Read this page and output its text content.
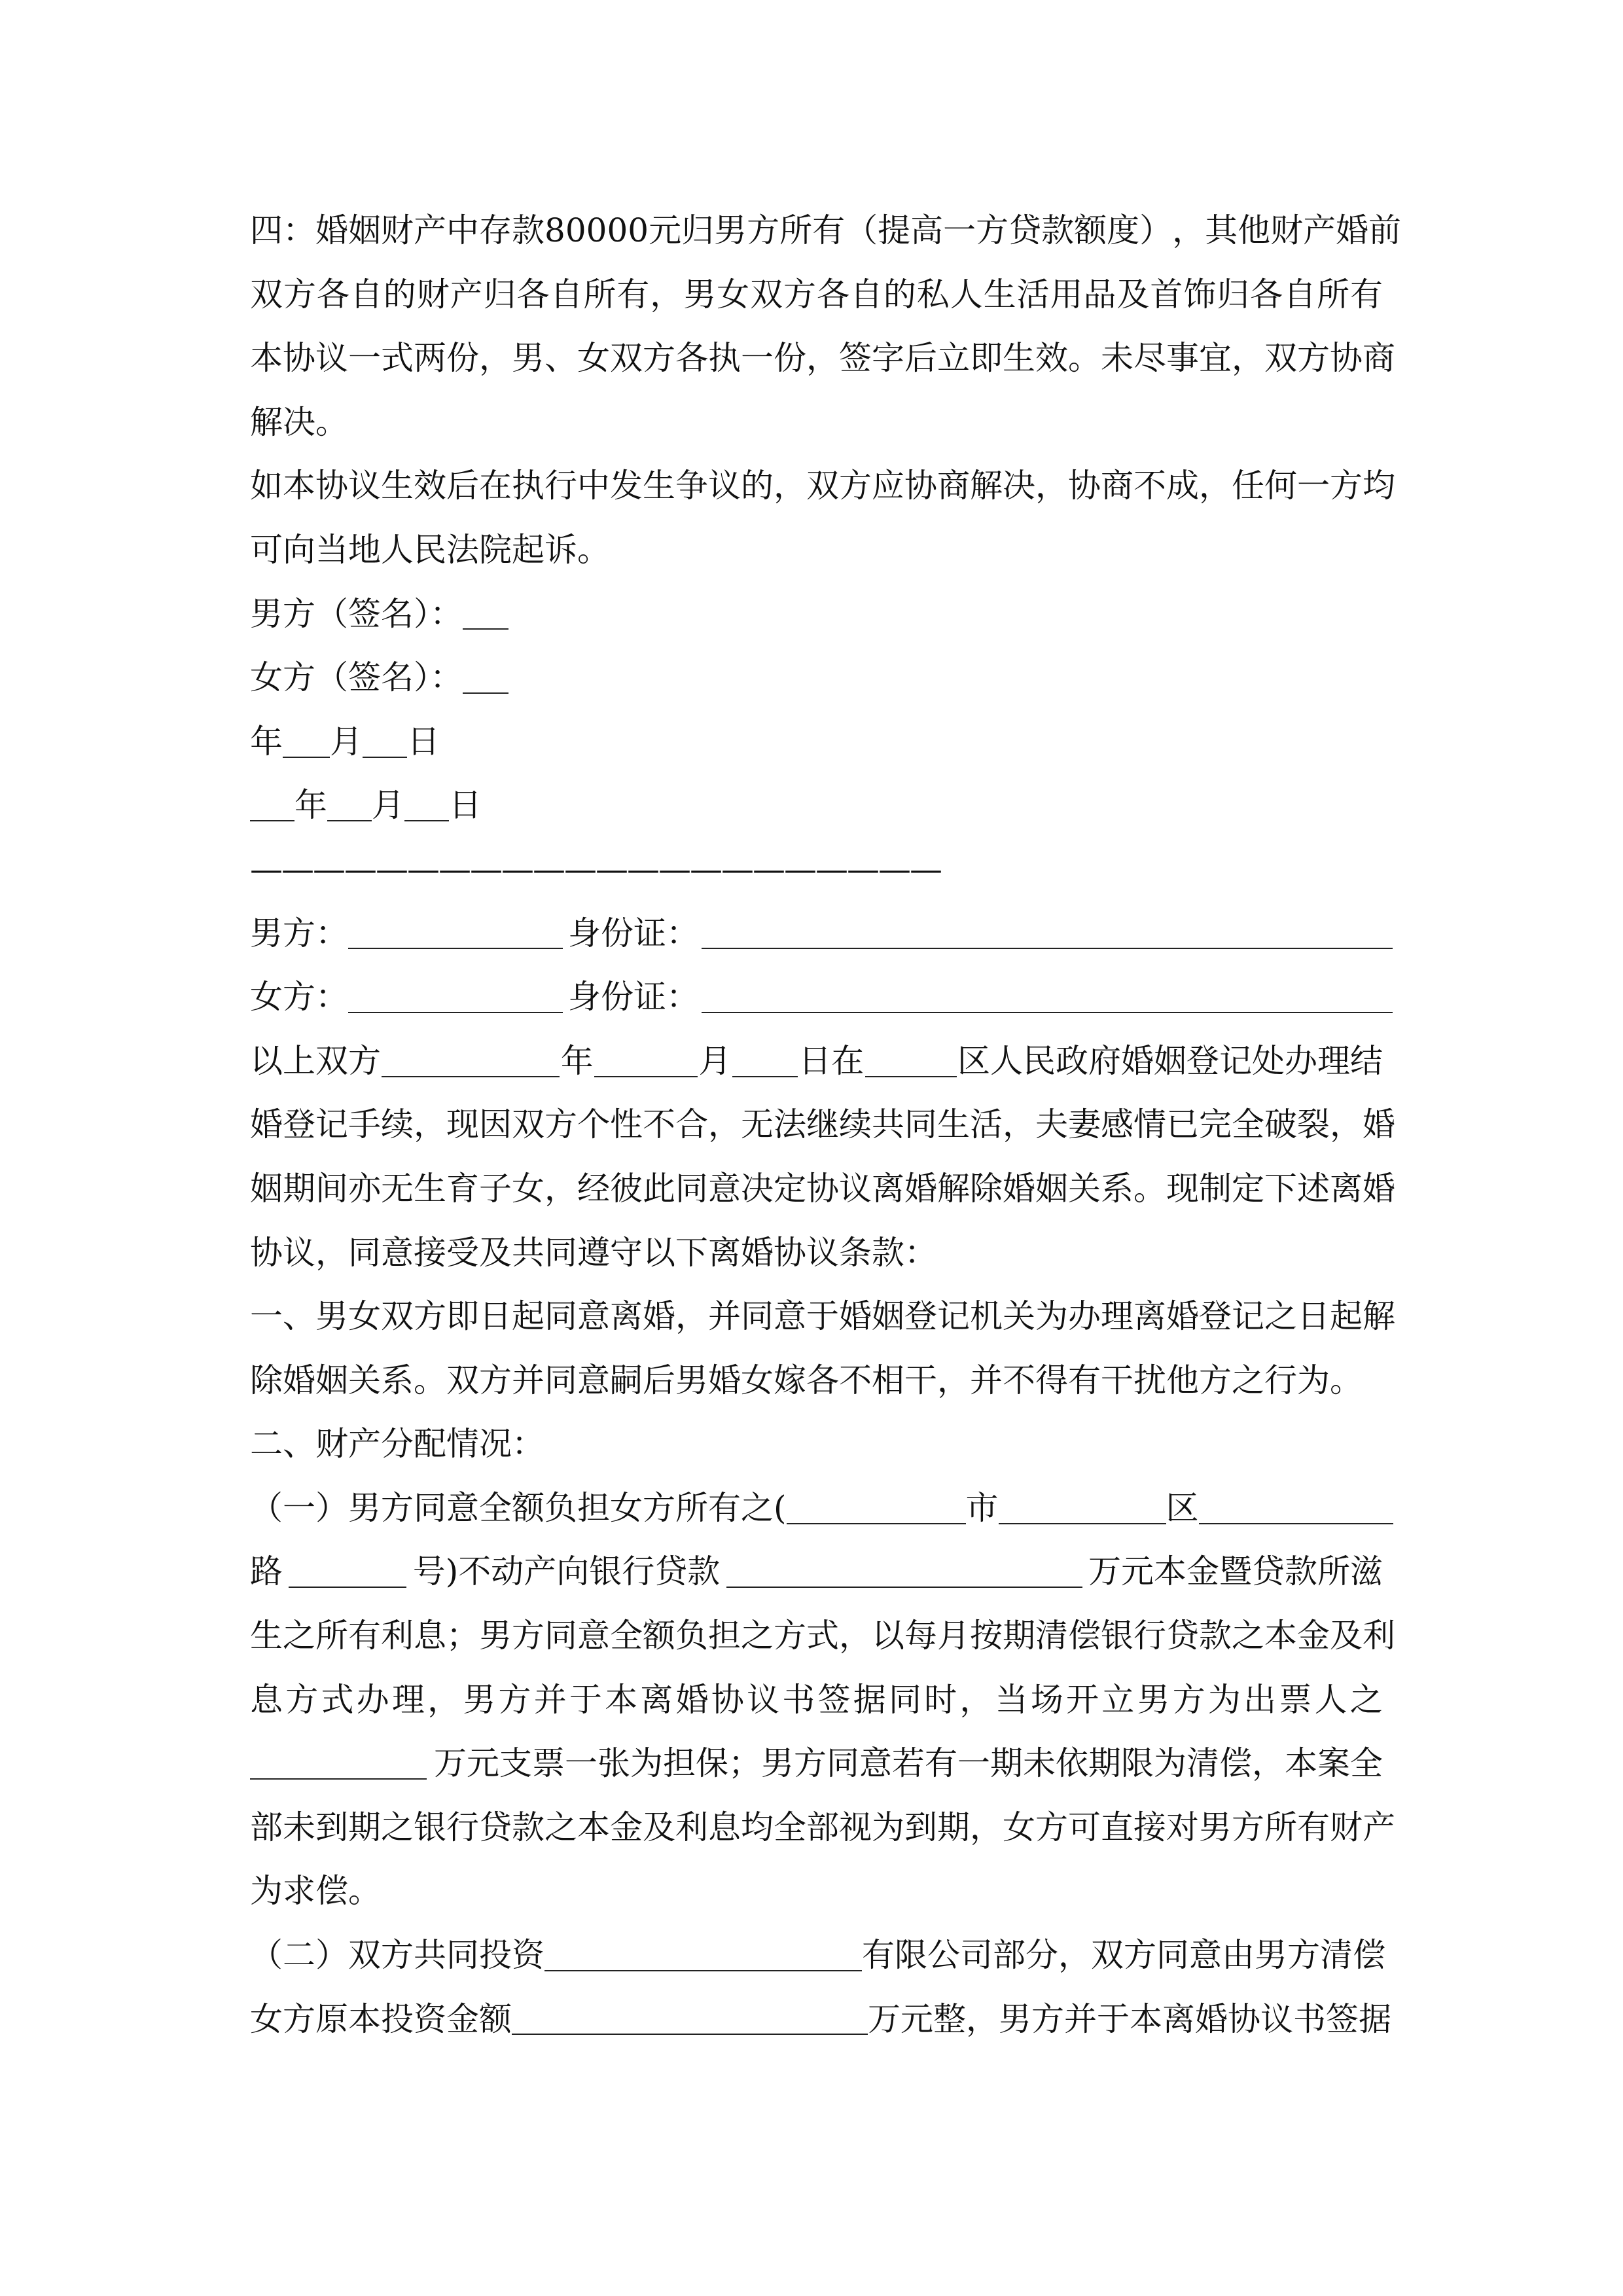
四 ： 婚 姻 财 产 中 存 款 8 0 0 0 0 元 归 男 方 所 有 （ 提 高 一 方 贷 款 额 度 ） ， 其 他 财 产 婚 前
双 方 各 自 的 财 产 归 各 自 所 有 ， 男 女 双 方 各 自 的 私 人 生 活 用 品 及 首 饰 归 各 自 所 有
本 协 议 一 式 两 份 ， 男 、 女 双 方 各 执 一 份 ， 签 字 后 立 即 生 效 。 未 尽 事 宜 ， 双 方 协 商
解决。
如 本 协 议 生 效 后 在 执 行 中 发 生 争 议 的 ， 双 方 应 协 商 解 决 ， 协 商 不 成 ， 任 何 一 方 均
可向当地人民法院起诉。
男方（签名）：
女方（签名）：
年 月 日
年 月 日
——————————————————————
男方：	身份证：
女方：	身份证：
以上双方	年	月 日在	区人民政府婚姻登记处办理结
婚 登 记 手 续 ， 现 因 双 方 个 性 不 合 ， 无 法 继 续 共 同 生 活 ， 夫 妻 感 情 已 完 全 破 裂 ， 婚
姻 期 间 亦 无 生 育 子 女 ， 经 彼 此 同 意 决 定 协 议 离 婚 解 除 婚 姻 关 系 。 现 制 定 下 述 离 婚
协议，同意接受及共同遵守以下离婚协议条款：
一 、 男 女 双 方 即 日 起 同 意 离 婚 ， 并 同 意 于 婚 姻 登 记 机 关 为 办 理 离 婚 登 记 之 日 起 解
除婚姻关系。双方并同意嗣后男婚女嫁各不相干，并不得有干扰他方之行为。
二、财产分配情况：
（一）男方同意全额负担女方所有之(	市	区
路	号)不动产向银行贷款	万元本金暨贷款所滋
生 之 所 有 利 息 ； 男 方 同 意 全 额 负 担 之 方 式 ， 以 每 月 按 期 清 偿 银 行 贷 款 之 本 金 及 利
息 方 式 办 理 ， 男 方 并 于 本 离 婚 协 议 书 签 据 同 时 ， 当 场 开 立 男 方 为 出 票 人 之
万元支票一张为担保；男方同意若有一期未依期限为清偿，本案全
部 未 到 期 之 银 行 贷 款 之 本 金 及 利 息 均 全 部 视 为 到 期 ， 女 方 可 直 接 对 男 方 所 有 财 产
为求偿。
（二）双方共同投资	有限公司部分，双方同意由男方清偿
女方原本投资金额	万元整，男方并于本离婚协议书签据
